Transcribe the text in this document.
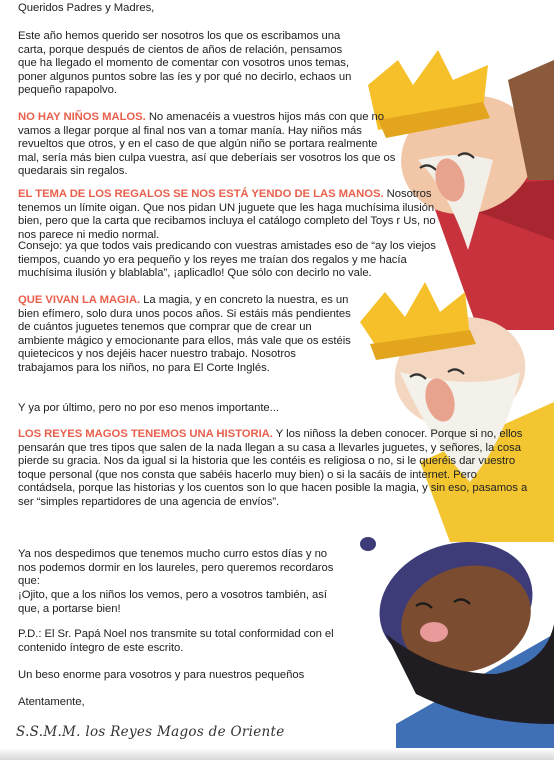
Queridos Padres y Madres,
Este año hemos querido ser nosotros los que os escribamos una carta, porque después de cientos de años de relación, pensamos que ha llegado el momento de comentar con vosotros unos temas, poner algunos puntos sobre las íes y por qué no decirlo, echaos un pequeño rapapolvo.
NO HAY NIÑOS MALOS. No amenacéis a vuestros hijos más con que no vamos a llegar porque al final nos van a tomar manía. Hay niños más revueltos que otros, y en el caso de que algún niño se portara realmente mal, sería más bien culpa vuestra, así que deberíais ser vosotros los que os quedarais sin regalos.
EL TEMA DE LOS REGALOS SE NOS ESTÁ YENDO DE LAS MANOS. Nosotros tenemos un límite oigan. Que nos pidan UN juguete que les haga muchísima ilusión bien, pero que la carta que recibamos incluya el catálogo completo del Toys r Us, no nos parece ni medio normal.
Consejo: ya que todos vais predicando con vuestras amistades eso de “ay los viejos tiempos, cuando yo era pequeño y los reyes me traían dos regalos y me hacía muchísima ilusión y blablabla”, ¡aplicadlo! Que sólo con decirlo no vale.
QUE VIVAN LA MAGIA. La magia, y en concreto la nuestra, es un bien efímero, solo dura unos pocos años. Si estáis más pendientes de cuántos juguetes tenemos que comprar que de crear un ambiente mágico y emocionante para ellos, más vale que os estéis quietecicos y nos dejéis hacer nuestro trabajo. Nosotros trabajamos para los niños, no para El Corte Inglés.
Y ya por último, pero no por eso menos importante...
LOS REYES MAGOS TENEMOS UNA HISTORIA. Y los niñoss la deben conocer. Porque si no, ellos pensarán que tres tipos que salen de la nada llegan a su casa a llevarles juguetes, y señores, la cosa pierde su gracia. Nos da igual si la historia que les contéis es religiosa o no, si le queréis dar vuestro toque personal (que nos consta que sabéis hacerlo muy bien) o si la sacáis de internet. Pero contádsela, porque las historias y los cuentos son lo que hacen posible la magia, y sin eso, pasamos a ser “simples repartidores de una agencia de envíos”.
Ya nos despedimos que tenemos mucho curro estos días y no nos podemos dormir en los laureles, pero queremos recordaros que:
¡Ojito, que a los niños los vemos, pero a vosotros también, así que, a portarse bien!
P.D.: El Sr. Papá Noel nos transmite su total conformidad con el contenido íntegro de este escrito.
Un beso enorme para vosotros y para nuestros pequeños
Atentamente,
S.S.M.M. los Reyes Magos de Oriente
